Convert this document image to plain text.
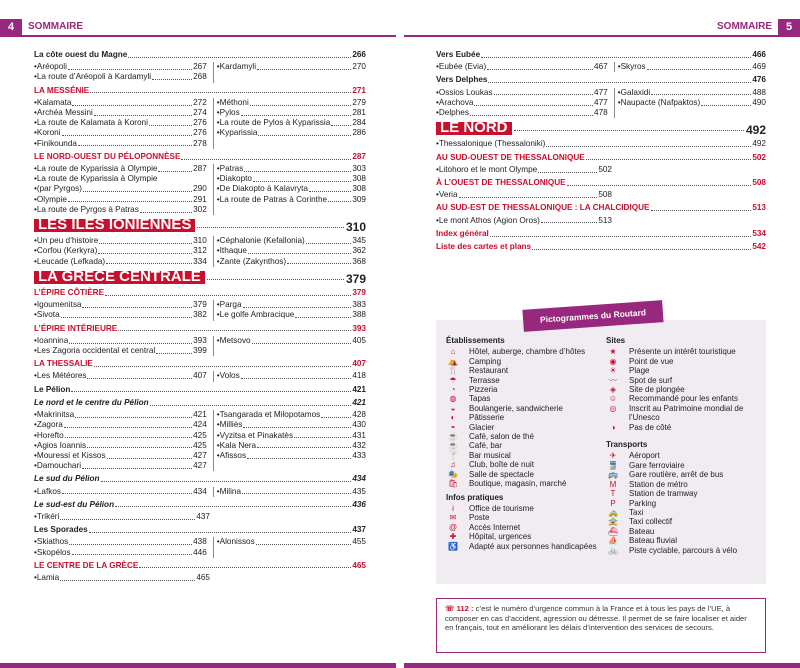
4	SOMMAIRE	SOMMAIRE	5
La côte ouest du Magne	266
• Aréopoli	267
• La route d’Aréopoli à Kardamyli	268
• Kardamyli	270
LA MESSÉNIE	271
• Kalamata	272
• Archéa Messini	274
• La route de Kalamata à Koroni	276
• Koroni	276
• Finikounda	278
• Méthoni	279
• Pylos	281
• La route de Pylos à Kyparissia	284
• Kyparissia	286
LE NORD-OUEST DU PÉLOPONNÈSE	287
• La route de Kyparissia à Olympie	287
• La route de Kyparissia à Olympie
• (par Pyrgos)	290
• Olympie	291
• La route de Pyrgos à Patras	302
• Patras	303
• Diakopto	308
• De Diakopto à Kalavryta	308
• La route de Patras à Corinthe	309
LES ÎLES IONIENNES	310
• Un peu d’histoire	310
• Corfou (Kerkyra)	312
• Leucade (Lefkada)	334
• Céphalonie (Kefallonia)	345
• Ithaque	362
• Zante (Zakynthos)	368
LA GRÈCE CENTRALE	379
L’ÉPIRE CÔTIÈRE	379
• Igoumenitsa	379
• Sivota	382
• Parga	383
• Le golfe Ambracique	388
L’ÉPIRE INTÉRIEURE	393
• Ioannina	393
• Les Zagoria occidental et central	399
• Metsovo	405
LA THESSALIE	407
• Les Météores	407 • Volos	418
Le Pélion	421
Le nord et le centre du Pélion	421
• Makrinitsa	421
• Zagora	424
• Horefto	425
• Agios Ioannis	425
• Mouressi et Kissos	427
• Damouchari	427
• Tsangarada et Milopotamos	428
• Milliès	430
• Vyzitsa et Pinakatès	431
• Kala Nera	432
• Afissos	433
Le sud du Pélion	434
• Lafkos	434 • Milina	435
Le sud-est du Pélion	436
• Trikéri	437
Les Sporades	437
• Skiathos	438
• Skopélos	446
• Alonissos	455
LE CENTRE DE LA GRÈCE	465
• Lamia	465
Vers Eubée	466
• Eubée (Evia)	467 • Skyros	469
Vers Delphes	476
• Ossios Loukas	477
• Arachova	477
• Delphes	478
• Galaxidi	488
• Naupacte (Nafpaktos)	490
LE NORD	492
• Thessalonique (Thessaloniki)	492
AU SUD-OUEST DE THESSALONIQUE	502
• Litohoro et le mont Olympe	502
À L’OUEST DE THESSALONIQUE	508
• Veria	508
AU SUD-EST DE THESSALONIQUE : LA CHALCIDIQUE	513
• Le mont Athos (Agion Oros)	513
Index général	534
Liste des cartes et plans	542
Établissements
⌂	Hôtel, auberge, chambre d’hôtes
⛺ Camping
🍴 Restaurant
☂	Terrasse
◔	Pizzeria
◍	Tapas
◒	Boulangerie, sandwicherie
◐	Pâtisserie
◓	Glacier
☕ Café, salon de thé
☕ Café, bar
🍸 Bar musical
♫	Club, boîte de nuit
🎭 Salle de spectacle
🛍 Boutique, magasin, marché
Infos pratiques
i	Office de tourisme
✉	Poste
@	Accès Internet
✚	Hôpital, urgences
♿ Adapté aux personnes handicapées
Sites
★	Présente un intérêt touristique
◉	Point de vue
☀	Plage
〰	Spot de surf
◈	Site de plongée
☺	Recommandé pour les enfants
◎	Inscrit au Patrimoine mondial de l’Unesco
◑	Pas de côté
Transports
✈	Aéroport
🚆 Gare ferroviaire
🚌 Gare routière, arrêt de bus
M	Station de métro
T	Station de tramway
P	Parking
🚕 Taxi
🚖 Taxi collectif
⛴ Bateau
⛵ Bateau fluvial
🚲 Piste cyclable, parcours à vélo
Pictogrammes du Routard
☏ 112 : c’est le numéro d’urgence commun à la France et à tous les pays de l’UE, à composer en cas d’accident, agression ou détresse. Il permet de se faire localiser et aider en français, tout en améliorant les délais d’intervention des services de secours.
